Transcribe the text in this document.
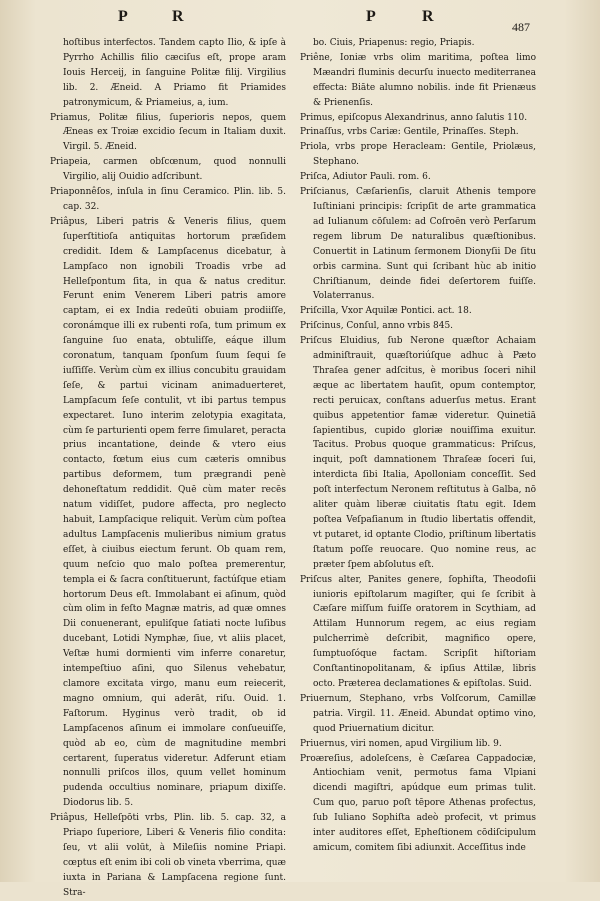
P	R	P	R
487

hoſtibus interfectos. Tandem capto Ilio, & ipſe à Pyrrho Achillis filio cæciſus eſt, prope aram Iouis Herceij, in ſanguine Politæ filij. Virgilius lib. 2. Æneid. A Priamo fit Priamides patronymicum, & Priameius, a, ium.

Priamus, Politæ filius, ſuperioris nepos, quem Æneas ex Troiæ excidio ſecum in Italiam duxit. Virgil. 5. Æneid.

Priapeia, carmen obſcœnum, quod nonnulli Virgilio, alij Ouidio adſcribunt.

Priaponnêſos, inſula in ſinu Ceramico. Plin. lib. 5. cap. 32.

Priâpus, Liberi patris & Veneris filius, quem ſuperſtitioſa antiquitas hortorum præſidem credidit. Idem & Lampſacenus dicebatur, à Lampſaco non ignobili Troadis vrbe ad Helleſpontum ſita, in qua & natus creditur. Ferunt enim Venerem Liberi patris amore captam, ei ex India redeūti obuiam prodiiſſe, coronámque illi ex rubenti roſa, tum primum ex ſanguine ſuo enata, obtuliſſe, eáque illum coronatum, tanquam ſponſum ſuum ſequi ſe iuſſiſſe. Verùm cùm ex illius concubitu grauidam ſeſe, & partui vicinam animaduerteret, Lampſacum ſeſe contulit, vt ibi partus tempus expectaret. Iuno interim zelotypia exagitata, cùm ſe parturienti opem ferre ſimularet, peracta prius incantatione, deinde & vtero eius contacto, fœtum eius cum cæteris omnibus partibus deformem, tum prægrandi penè dehoneſtatum reddidit. Quē cùm mater recēs natum vidiſſet, pudore affecta, pro neglecto habuit, Lampſacique reliquit. Verùm cùm poſtea adultus Lampſacenis mulieribus nimium gratus eſſet, à ciuibus eiectum ferunt. Ob quam rem, quum neſcio quo malo poſtea premerentur, templa ei & ſacra conſtituerunt, factúſque etiam hortorum Deus eſt. Immolabant ei aſinum, quòd cùm olim in feſto Magnæ matris, ad quæ omnes Dii conuenerant, epuliſque ſatiati nocte luſibus ducebant, Lotidi Nymphæ, ſiue, vt aliis placet, Veſtæ humi dormienti vim inferre conaretur, intempeſtiuo aſini, quo Silenus vehebatur, clamore excitata virgo, manu eum reiecerit, magno omnium, qui aderāt, riſu. Ouid. 1. Faſtorum. Hyginus verò tradit, ob id Lampſacenos aſinum ei immolare conſueuiſſe, quòd ab eo, cùm de magnitudine membri certarent, ſuperatus videretur. Adferunt etiam nonnulli priſcos illos, quum vellet hominum pudenda occultius nominare, priapum dixiſſe. Diodorus lib. 5.

Priâpus, Helleſpōti vrbs, Plin. lib. 5. cap. 32, a Priapo ſuperiore, Liberi & Veneris filio condita: ſeu, vt alii volūt, à Mileſiis nomine Priapi. cœptus eſt enim ibi coli ob vineta vberrima, quæ iuxta in Pariana & Lampſacena regione ſunt. Stra-

bo. Ciuis, Priapenus: regio, Priapis.

Priêne, Ioniæ vrbs olim maritima, poſtea limo Mæandri fluminis decurſu inuecto mediterranea effecta: Biāte alumno nobilis. inde fit Prienæus & Prienenſis.

Primus, epiſcopus Alexandrinus, anno ſalutis 110.

Prinaſſus, vrbs Cariæ: Gentile, Prinaſſes. Steph.

Priola, vrbs prope Heracleam: Gentile, Priolæus, Stephano.

Priſca, Adiutor Pauli. rom. 6.

Priſcianus, Cæſarienſis, claruit Athenis tempore Iuſtiniani principis: ſcripſit de arte grammatica ad Iulianum cōſulem: ad Coſroēn verò Perſarum regem librum De naturalibus quæſtionibus. Conuertit in Latinum ſermonem Dionyſii De ſitu orbis carmina. Sunt qui ſcribant hùc ab initio Chriſtianum, deinde fidei deſertorem fuiſſe. Volaterranus.

Priſcilla, Vxor Aquilæ Pontici. act. 18.

Priſcinus, Conſul, anno vrbis 845.

Priſcus Eluidius, ſub Nerone quæſtor Achaiam adminiſtrauit, quæſtoriúſque adhuc à Pæto Thraſea gener adſcitus, è moribus ſoceri nihil æque ac libertatem hauſit, opum contemptor, recti peruicax, conſtans aduerſus metus. Erant quibus appetentior famæ videretur. Quinetiā ſapientibus, cupido gloriæ nouiſſima exuitur. Tacitus. Probus quoque grammaticus: Priſcus, inquit, poſt damnationem Thraſeæ ſoceri ſui, interdicta ſibi Italia, Apolloniam conceſſit. Sed poſt interfectum Neronem reſtitutus à Galba, nō aliter quàm liberæ ciuitatis ſtatu egit. Idem poſtea Veſpaſianum in ſtudio libertatis offendit, vt putaret, id optante Clodio, priſtinum libertatis ſtatum poſſe reuocare. Quo nomine reus, ac præter ſpem abſolutus eſt.

Priſcus alter, Panites genere, ſophiſta, Theodoſii iunioris epiſtolarum magiſter, qui ſe ſcribit à Cæſare miſſum fuiſſe oratorem in Scythiam, ad Attilam Hunnorum regem, ac eius regiam pulcherrimè deſcribit, magnifico opere, ſumptuoſóque factam. Scripſit hiſtoriam Conſtantinopolitanam, & ipſius Attilæ, libris octo. Præterea declamationes & epiſtolas. Suid.

Priuernum, Stephano, vrbs Volſcorum, Camillæ patria. Virgil. 11. Æneid. Abundat optimo vino, quod Priuernatium dicitur.

Priuernus, viri nomen, apud Virgilium lib. 9.

Proæreſius, adoleſcens, è Cæſarea Cappadociæ, Antiochiam venit, permotus fama Vlpiani dicendi magiſtri, apúdque eum primas tulit. Cum quo, paruo poſt tēpore Athenas profectus, ſub Iuliano Sophiſta adeò profecit, vt primus inter auditores eſſet, Epheſtionem cōdiſcipulum amicum, comitem ſibi adiunxit. Acceſſitus inde
